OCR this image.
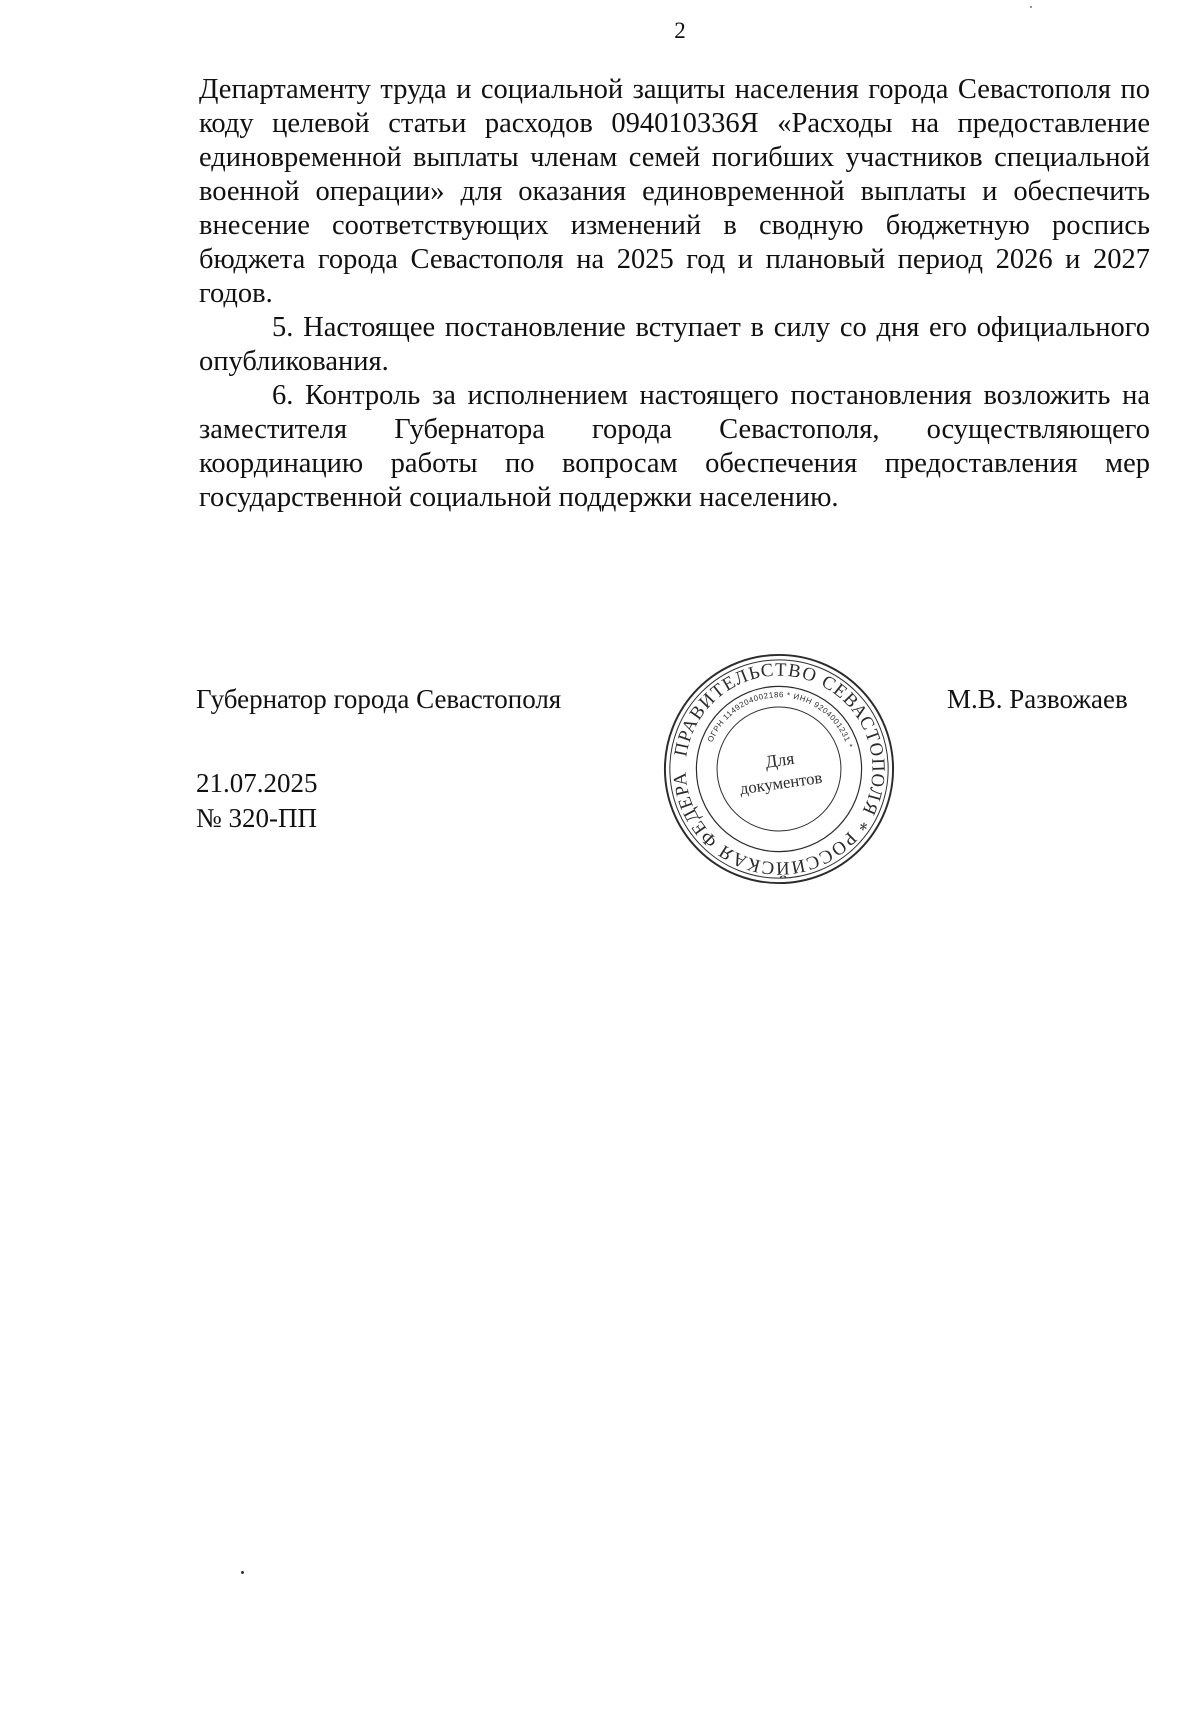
2

Департаменту труда и социальной защиты населения города Севастополя по коду целевой статьи расходов 094010336Я «Расходы на предоставление единовременной выплаты членам семей погибших участников специальной военной операции» для оказания единовременной выплаты и обеспечить внесение соответствующих изменений в сводную бюджетную роспись бюджета города Севастополя на 2025 год и плановый период 2026 и 2027 годов.

5. Настоящее постановление вступает в силу со дня его официального опубликования.

6. Контроль за исполнением настоящего постановления возложить на заместителя Губернатора города Севастополя, осуществляющего координацию работы по вопросам обеспечения предоставления мер государственной социальной поддержки населению.

Губернатор города Севастополя
ПРАВИТЕЛЬСТВО СЕВАСТОПОЛЯ * РОССИЙСКАЯ ФЕДЕРА
ОГРН 1149204002186 * ИНН 9204001231 *
Для
документов
М.В. Развожаев
21.07.2025
№ 320-ПП
